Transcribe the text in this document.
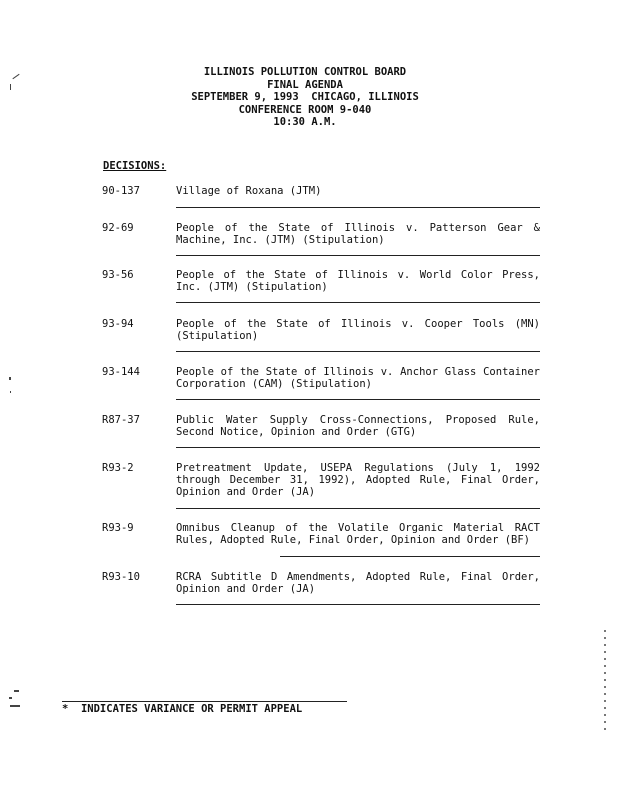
ILLINOIS POLLUTION CONTROL BOARD
FINAL AGENDA
SEPTEMBER 9, 1993  CHICAGO, ILLINOIS
CONFERENCE ROOM 9-040
10:30 A.M.
DECISIONS:
90-137	Village of Roxana (JTM)
92-69	People of the State of Illinois v. Patterson Gear & Machine, Inc. (JTM) (Stipulation)
93-56	People of the State of Illinois v. World Color Press, Inc. (JTM) (Stipulation)
93-94	People of the State of Illinois v. Cooper Tools (MN) (Stipulation)
93-144	People of the State of Illinois v. Anchor Glass Container Corporation (CAM) (Stipulation)
R87-37	Public Water Supply Cross-Connections, Proposed Rule, Second Notice, Opinion and Order (GTG)
R93-2	Pretreatment Update, USEPA Regulations (July 1, 1992 through December 31, 1992), Adopted Rule, Final Order, Opinion and Order (JA)
R93-9	Omnibus Cleanup of the Volatile Organic Material RACT Rules, Adopted Rule, Final Order, Opinion and Order (BF)
R93-10	RCRA Subtitle D Amendments, Adopted Rule, Final Order, Opinion and Order (JA)
*  INDICATES VARIANCE OR PERMIT APPEAL
